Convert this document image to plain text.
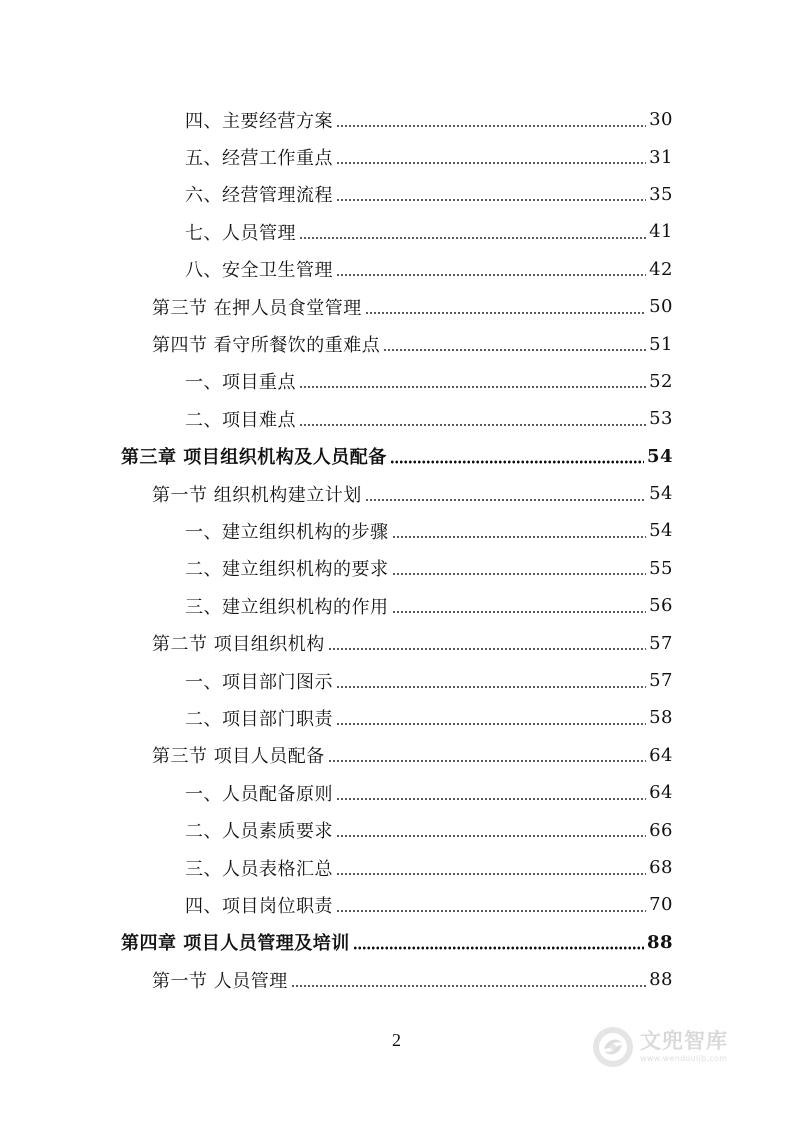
四、主要经营方案	30
五、经营工作重点	31
六、经营管理流程	35
七、人员管理	41
八、安全卫生管理	42
第三节 在押人员食堂管理	50
第四节 看守所餐饮的重难点	51
一、项目重点	52
二、项目难点	53
第三章 项目组织机构及人员配备	54
第一节 组织机构建立计划	54
一、建立组织机构的步骤	54
二、建立组织机构的要求	55
三、建立组织机构的作用	56
第二节 项目组织机构	57
一、项目部门图示	57
二、项目部门职责	58
第三节 项目人员配备	64
一、人员配备原则	64
二、人员素质要求	66
三、人员表格汇总	68
四、项目岗位职责	70
第四章 项目人员管理及培训	88
第一节 人员管理	88
2	文兜智库
www.wendoulib.com
